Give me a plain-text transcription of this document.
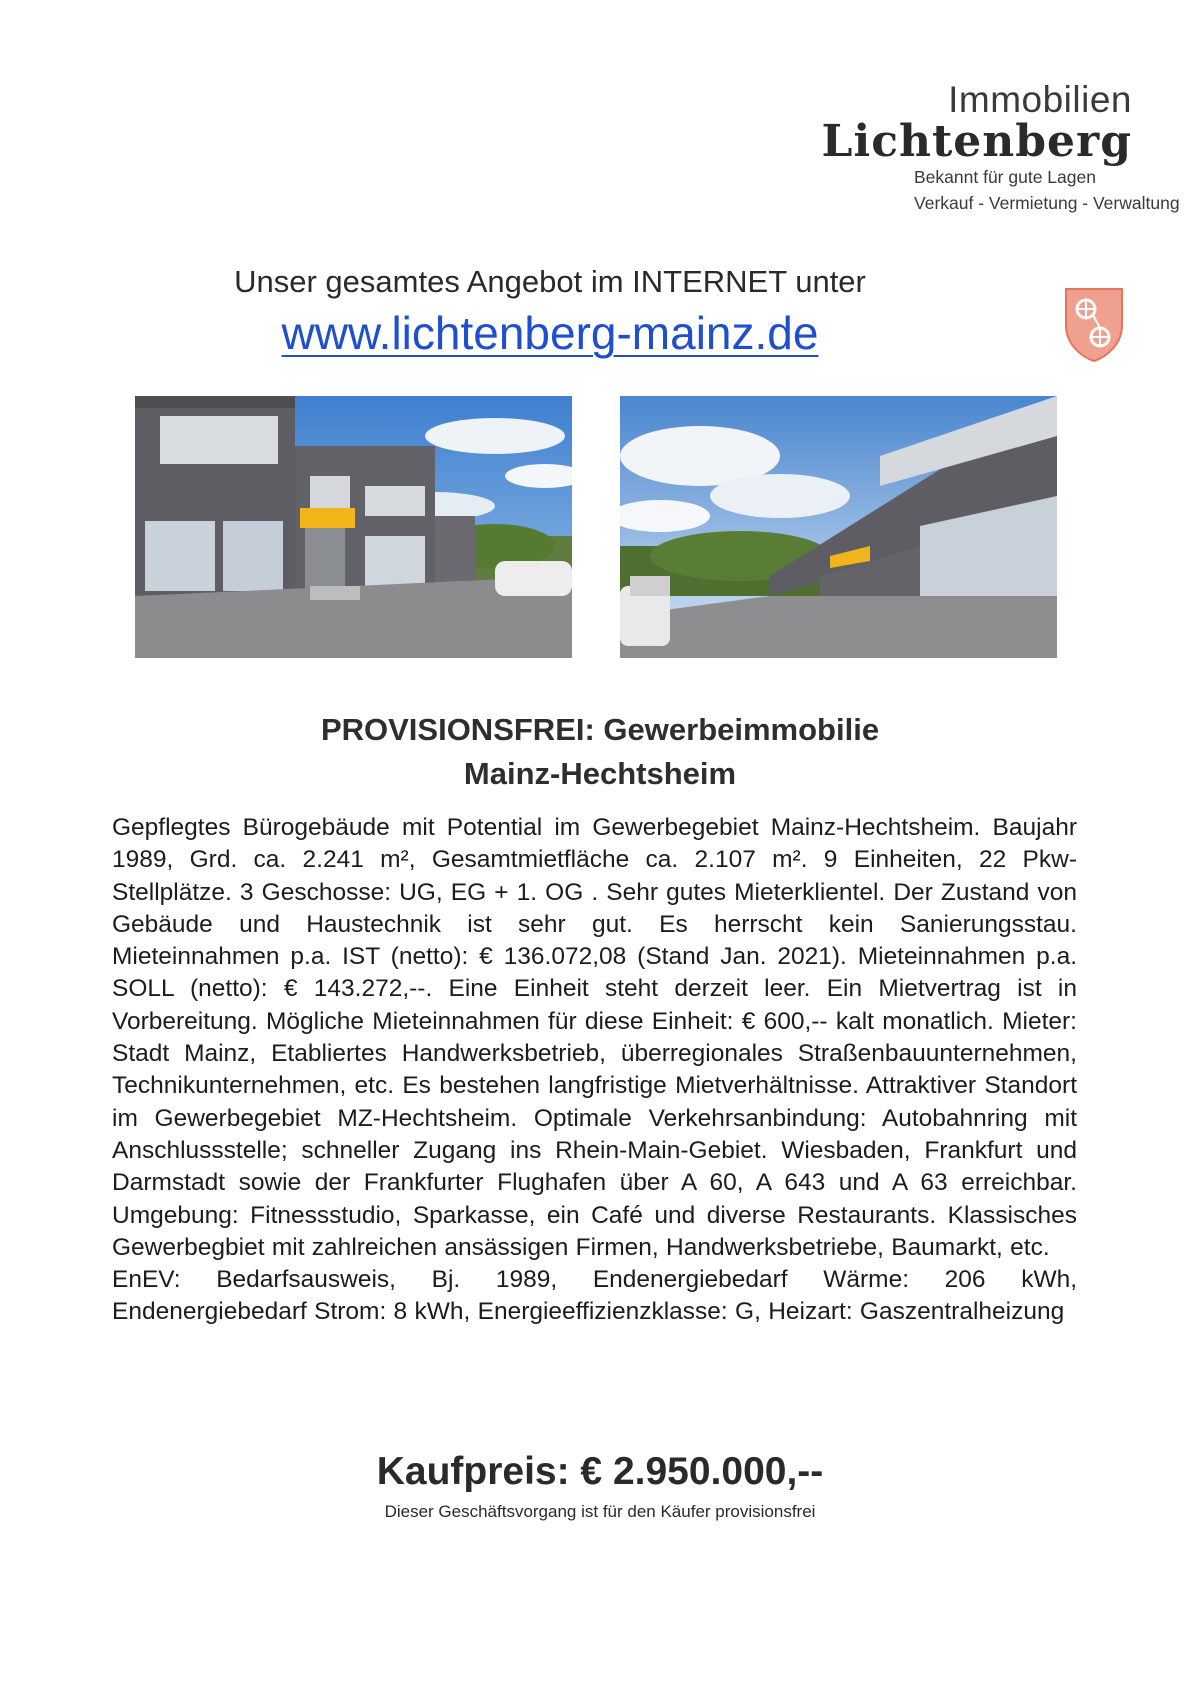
Immobilien
Lichtenberg
Bekannt für gute Lagen
Verkauf - Vermietung - Verwaltung
Unser gesamtes Angebot im INTERNET unter
www.lichtenberg-mainz.de
PROVISIONSFREI: Gewerbeimmobilie
Mainz-Hechtsheim
Gepflegtes Bürogebäude mit Potential im Gewerbegebiet Mainz-Hechtsheim. Baujahr 1989, Grd. ca. 2.241 m², Gesamtmietfläche ca. 2.107 m². 9 Einheiten, 22 Pkw-Stellplätze. 3 Geschosse: UG, EG + 1. OG . Sehr gutes Mieterklientel. Der Zustand von Gebäude und Haustechnik ist sehr gut. Es herrscht kein Sanierungsstau. Mieteinnahmen p.a. IST (netto): € 136.072,08 (Stand Jan. 2021). Mieteinnahmen p.a. SOLL (netto): € 143.272,--. Eine Einheit steht derzeit leer. Ein Mietvertrag ist in Vorbereitung. Mögliche Mieteinnahmen für diese Einheit: € 600,-- kalt monatlich. Mieter: Stadt Mainz, Etabliertes Handwerksbetrieb, überregionales Straßenbauunternehmen, Technikunternehmen, etc. Es bestehen langfristige Mietverhältnisse. Attraktiver Standort im Gewerbegebiet MZ-Hechtsheim. Optimale Verkehrsanbindung: Autobahnring mit Anschlussstelle; schneller Zugang ins Rhein-Main-Gebiet. Wiesbaden, Frankfurt und Darmstadt sowie der Frankfurter Flughafen über A 60, A 643 und A 63 erreichbar. Umgebung: Fitnessstudio, Sparkasse, ein Café und diverse Restaurants. Klassisches Gewerbegbiet mit zahlreichen ansässigen Firmen, Handwerksbetriebe, Baumarkt, etc.
EnEV: Bedarfsausweis, Bj. 1989, Endenergiebedarf Wärme: 206 kWh, Endenergiebedarf Strom: 8 kWh, Energieeffizienzklasse: G, Heizart: Gaszentralheizung
Kaufpreis: € 2.950.000,--
Dieser Geschäftsvorgang ist für den Käufer provisionsfrei
